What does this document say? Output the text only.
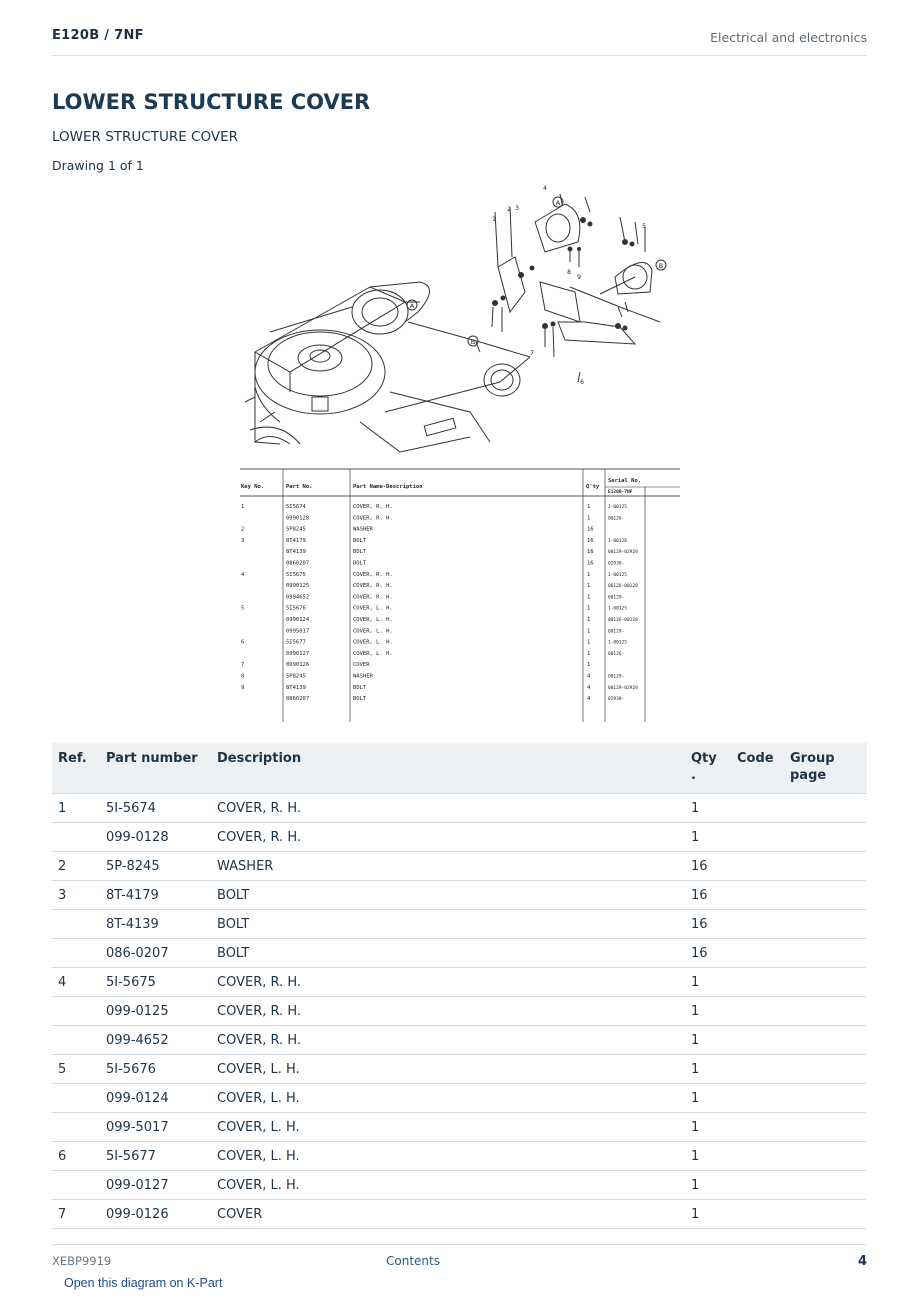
E120B / 7NF	Electrical and electronics
LOWER STRUCTURE COVER
LOWER STRUCTURE COVER
Drawing 1 of 1
A
A
B
B
1
2 3
4
5
6
7
8
9
Key No.	Part No.	Part Name-Description	Q'ty
Serial No.
E120B-7NF
1	5I5674	COVER, R. H.	1	1-00125
0990128	COVER, R. H.	1	00126-
2	5P8245	WASHER	16
3	8T4179	BOLT	16	1-00128
8T4139	BOLT	16	00129-02929
0860207	BOLT	16	02930-
4	5I5675	COVER, R. H.	1	1-00125
0990125	COVER, R. H.	1	00126-00128
0994652	COVER, R. H.	1	00129-
5	5I5676	COVER, L. H.	1	1-00125
0990124	COVER, L. H.	1	00126-00128
0995017	COVER, L. H.	1	00129-
6	5I5677	COVER, L. H.	1	1-00125
0990127	COVER, L. H.	1	00126-
7	0990126	COVER	1
8	5P8245	WASHER	4	00129-
9	8T4139	BOLT	4	00129-02929
0860207	BOLT	4	02930-
Ref.	Part number	Description	Qty .	Code	Group page
1	5I-5674	COVER, R. H.	1		
	099-0128	COVER, R. H.	1		
2	5P-8245	WASHER	16		
3	8T-4179	BOLT	16		
	8T-4139	BOLT	16		
	086-0207	BOLT	16		
4	5I-5675	COVER, R. H.	1		
	099-0125	COVER, R. H.	1		
	099-4652	COVER, R. H.	1		
5	5I-5676	COVER, L. H.	1		
	099-0124	COVER, L. H.	1		
	099-5017	COVER, L. H.	1		
6	5I-5677	COVER, L. H.	1		
	099-0127	COVER, L. H.	1		
7	099-0126	COVER	1		
XEBP9919	Contents	4
Open this diagram on K-Part
